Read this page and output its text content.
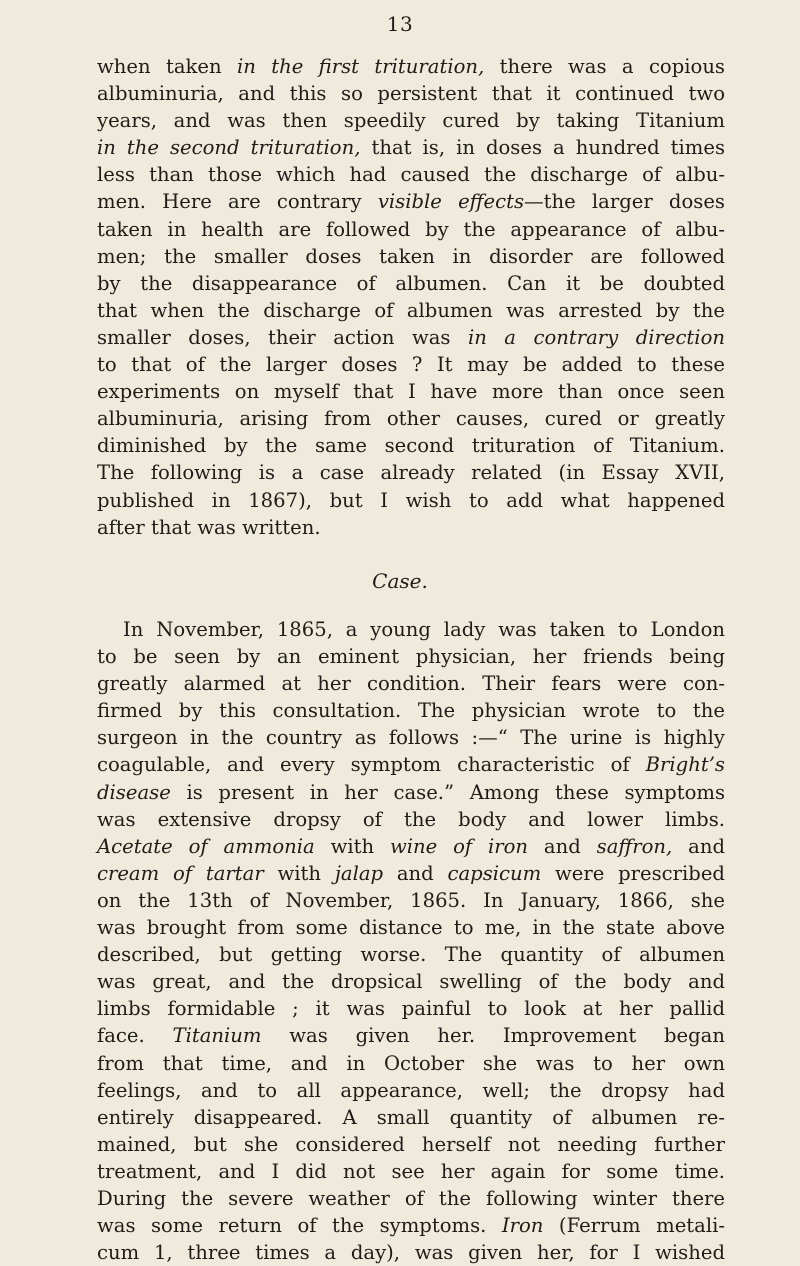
13
when taken in the first trituration, there was a copious
albuminuria, and this so persistent that it continued two
years, and was then speedily cured by taking Titanium
in the second trituration, that is, in doses a hundred times
less than those which had caused the discharge of albu-
men. Here are contrary visible effects—the larger doses
taken in health are followed by the appearance of albu-
men; the smaller doses taken in disorder are followed
by the disappearance of albumen. Can it be doubted
that when the discharge of albumen was arrested by the
smaller doses, their action was in a contrary direction
to that of the larger doses ? It may be added to these
experiments on myself that I have more than once seen
albuminuria, arising from other causes, cured or greatly
diminished by the same second trituration of Titanium.
The following is a case already related (in Essay XVII,
published in 1867), but I wish to add what happened
after that was written.
Case.
In November, 1865, a young lady was taken to London
to be seen by an eminent physician, her friends being
greatly alarmed at her condition. Their fears were con-
firmed by this consultation. The physician wrote to the
surgeon in the country as follows :—“ The urine is highly
coagulable, and every symptom characteristic of Bright’s
disease is present in her case.” Among these symptoms
was extensive dropsy of the body and lower limbs.
Acetate of ammonia with wine of iron and saffron, and
cream of tartar with jalap and capsicum were prescribed
on the 13th of November, 1865. In January, 1866, she
was brought from some distance to me, in the state above
described, but getting worse. The quantity of albumen
was great, and the dropsical swelling of the body and
limbs formidable ; it was painful to look at her pallid
face. Titanium was given her. Improvement began
from that time, and in October she was to her own
feelings, and to all appearance, well; the dropsy had
entirely disappeared. A small quantity of albumen re-
mained, but she considered herself not needing further
treatment, and I did not see her again for some time.
During the severe weather of the following winter there
was some return of the symptoms. Iron (Ferrum metali-
cum 1, three times a day), was given her, for I wished
